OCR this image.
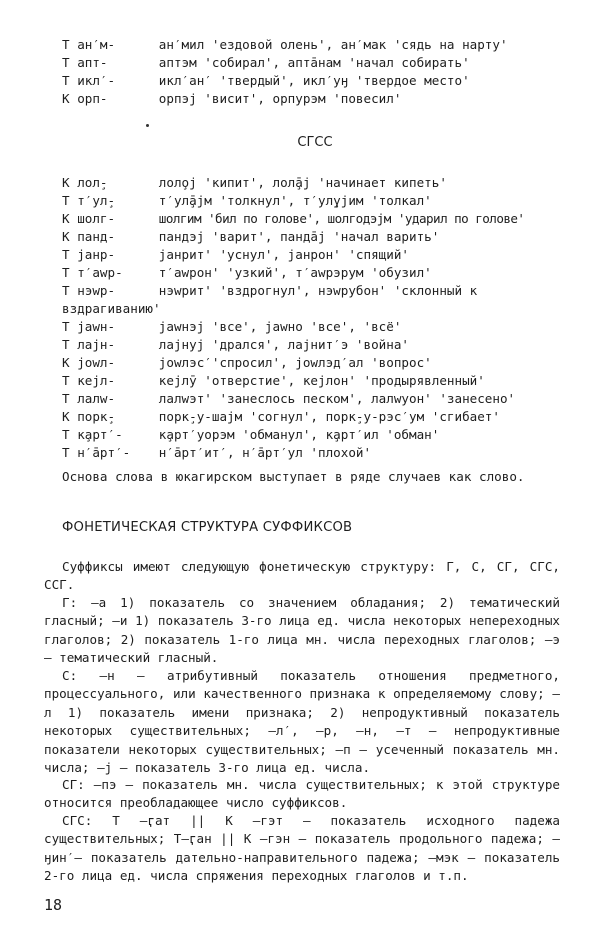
Т ан′м-	ан′мил 'ездовой олень', ан′мак 'сядь на нарту'
Т апт-	аптэм 'собирал', аптāнам 'начал собирать'
Т икл′-	икл′ан′ 'твердый', икл′уӈ 'твердое место'
К орп-	орпэј 'висит', орпурэм 'повесил'
СГСС
К лол̧-	лол̧ој 'кипит', лол̧āј 'начинает кипеть'
Т т′ул̧-	т′ул̧āјм 'толкнул', т′ул̧ујим 'толкал'
К шолг-	шолгим 'бил по голове', шолгодэјм 'ударил по голове'
К панд-	пандэј 'варит', пандāј 'начал варить'
Т јанр-	јанрит' 'уснул', јанрон' 'спящий'
Т т′аwр-	т′аwрон' 'узкий', т′аwрэрум 'обузил'
Т нэwр-	нэwрит' 'вздрогнул', нэwрубон' 'склонный к вздрагиванию'
Т јаwн-	јаwнэј 'все', јаwно 'все', 'всё'
Т лајн-	лајнуј 'дрался', лајнит′э 'война'
К јоwл-	јоwлэс′'спросил', јоwлэд′ал 'вопрос'
Т кеjл-	кеjлȳ 'отверстие', кеjлон' 'продырявленный'
Т лалw-	лалwэт' 'занеслось песком', лалwуон' 'занесено'
К порк̧-	порк̧-у-шајм 'согнул', порк̧-у-рэс′ум 'сгибает'
Т к̧арт′-	к̧арт′уорэм 'обманул', к̧арт′ил 'обман'
Т н′āрт′- н′āрт′ит′, н′āрт′ул 'плохой'
Основа слова в юкагирском выступает в ряде случаев как слово.
ФОНЕТИЧЕСКАЯ СТРУКТУРА СУФФИКСОВ
Суффиксы имеют следующую фонетическую структуру: Г, С, СГ, СГС, ССГ.
Г: –а 1) показатель со значением обладания; 2) тематический гласный; –и 1) показатель 3-го лица ед. числа некоторых непереходных глаголов; 2) показатель 1-го лица мн. числа переходных глаголов; –э – тематический гласный.
С: –н – атрибутивный показатель отношения предметного, процессуального, или качественного признака к определяемому слову; –л 1) показатель имени признака; 2) непродуктивный показатель некоторых существительных; –л′, –р, –н, –т – непродуктивные показатели некоторых существительных; –п – усеченный показатель мн. числа; –ј – показатель 3-го лица ед. числа.
СГ: –пэ – показатель мн. числа существительных; к этой структуре относится преобладающее число суффиксов.
СГС: Т –ӷат || К –гэт – показатель исходного падежа существительных; Т–ӷан || К –гэн – показатель продольного падежа; –ӈин′– показатель дательно-направительного падежа; –мэк – показатель 2-го лица ед. числа спряжения переходных глаголов и т.п.
18
